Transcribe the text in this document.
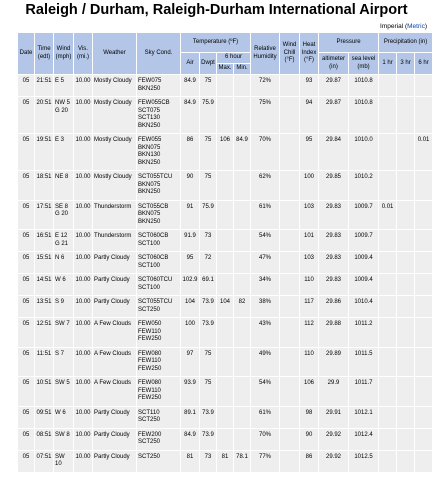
Raleigh / Durham, Raleigh-Durham International Airport
Imperial (Metric)
Date	Time (edt)	Wind (mph)	Vis. (mi.)	Weather	Sky Cond.	Temperature (ºF)				Relative Humidity	Wind Chill (°F)	Heat Index (°F)	Pressure		Precipitation (in)		
						Air	Dwpt	6 hour					altimeter (in)	sea level (mb)	1 hr	3 hr	6 hr
								Max.	Min.								
05	21:51	E 5	10.00	Mostly Cloudy	FEW075 BKN250	84.9	75			72%		93	29.87	1010.8			
05	20:51	NW 5 G 20	10.00	Mostly Cloudy	FEW055CB SCT075 SCT130 BKN250	84.9	75.9			75%		94	29.87	1010.8			
05	19:51	E 3	10.00	Mostly Cloudy	FEW055 BKN075 BKN130 BKN250	86	75	106	84.9	70%		95	29.84	1010.0			0.01
05	18:51	NE 8	10.00	Mostly Cloudy	SCT055TCU BKN075 BKN250	90	75			62%		100	29.85	1010.2			
05	17:51	SE 8 G 20	10.00	Thunderstorm	SCT055CB BKN075 BKN250	91	75.9			61%		103	29.83	1009.7	0.01		
05	16:51	E 12 G 21	10.00	Thunderstorm	SCT060CB SCT100	91.9	73			54%		101	29.83	1009.7			
05	15:51	N 6	10.00	Partly Cloudy	SCT060CB SCT100	95	72			47%		103	29.83	1009.4			
05	14:51	W 6	10.00	Partly Cloudy	SCT060TCU SCT100	102.9	69.1			34%		110	29.83	1009.4			
05	13:51	S 9	10.00	Partly Cloudy	SCT055TCU SCT250	104	73.9	104	82	38%		117	29.86	1010.4			
05	12:51	SW 7	10.00	A Few Clouds	FEW050 FEW110 FEW250	100	73.9			43%		112	29.88	1011.2			
05	11:51	S 7	10.00	A Few Clouds	FEW080 FEW110 FEW250	97	75			49%		110	29.89	1011.5			
05	10:51	SW 5	10.00	A Few Clouds	FEW080 FEW110 FEW250	93.9	75			54%		106	29.9	1011.7			
05	09:51	W 6	10.00	Partly Cloudy	SCT110 SCT250	89.1	73.9			61%		98	29.91	1012.1			
05	08:51	SW 8	10.00	Partly Cloudy	FEW200 SCT250	84.9	73.9			70%		90	29.92	1012.4			
05	07:51	SW 10	10.00	Partly Cloudy	SCT250	81	73	81	78.1	77%		86	29.92	1012.5			
